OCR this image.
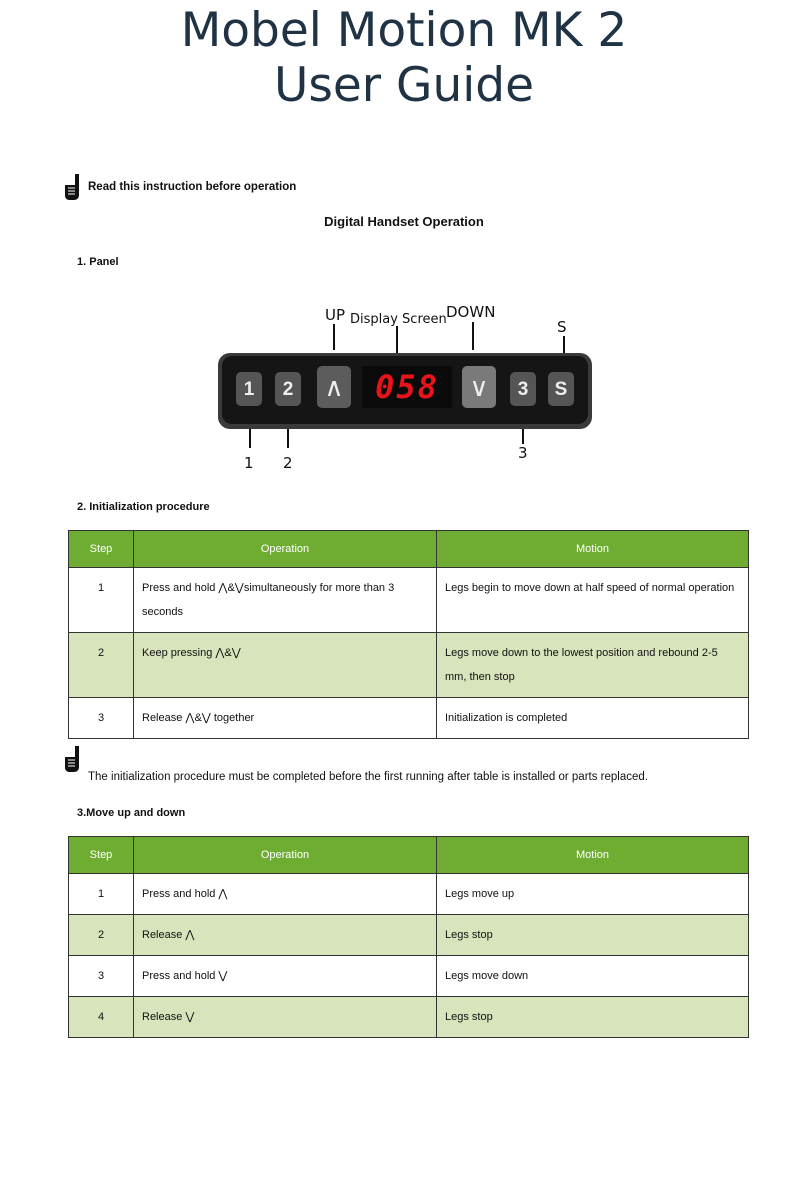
Mobel Motion MK 2
User Guide
Read this instruction before operation
Digital Handset Operation
1. Panel
UP Display Screen DOWN
S
1 2
3
1	2 ∧ 058	∨	3	S
2. Initialization procedure
Step	Operation	Motion
1	Press and hold ⋀&⋁simultaneously for more than 3 seconds	Legs begin to move down at half speed of normal operation
2	Keep pressing ⋀&⋁	Legs move down to the lowest position and rebound 2-5 mm, then stop
3	Release ⋀&⋁ together	Initialization is completed
The initialization procedure must be completed before the first running after table is installed or parts replaced.
3.Move up and down
Step	Operation	Motion
1	Press and hold ⋀	Legs move up
2	Release ⋀	Legs stop
3	Press and hold ⋁	Legs move down
4	Release ⋁	Legs stop
